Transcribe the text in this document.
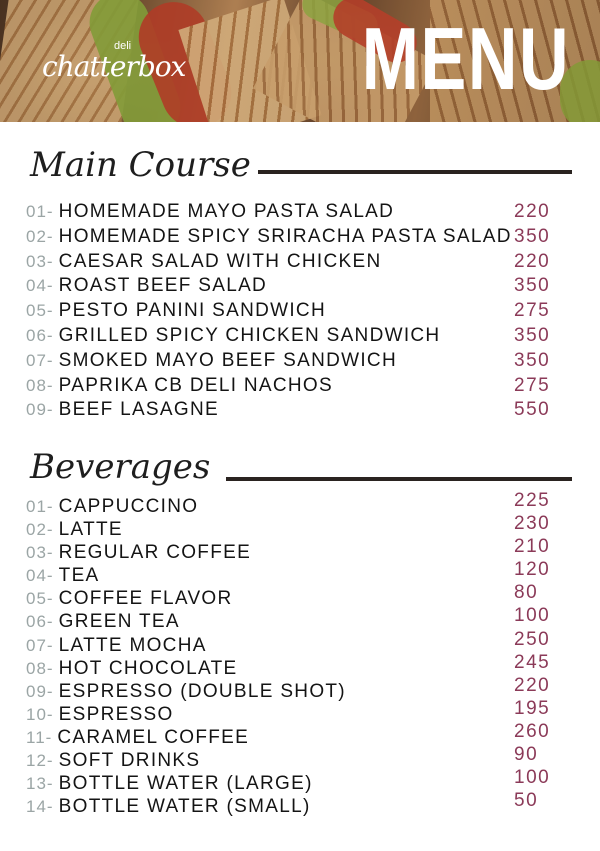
deli
chatterbox MENU
Main Course
01- HOMEMADE MAYO PASTA SALAD
02- HOMEMADE SPICY SRIRACHA PASTA SALAD
03- CAESAR SALAD WITH CHICKEN
04- ROAST BEEF SALAD
05- PESTO PANINI SANDWICH
06- GRILLED SPICY CHICKEN SANDWICH
07- SMOKED MAYO BEEF SANDWICH
08- PAPRIKA CB DELI NACHOS
09- BEEF LASAGNE
220
350
220
350
275
350
350
275
550
Beverages
01- CAPPUCCINO
02- LATTE
03- REGULAR COFFEE
04- TEA
05- COFFEE FLAVOR
06- GREEN TEA
07- LATTE MOCHA
08- HOT CHOCOLATE
09- ESPRESSO (DOUBLE SHOT)
10- ESPRESSO
11- CARAMEL COFFEE
12- SOFT DRINKS
13- BOTTLE WATER (LARGE)
14- BOTTLE WATER (SMALL)
225
230
210
120
80
100
250
245
220
195
260
90
100
50
